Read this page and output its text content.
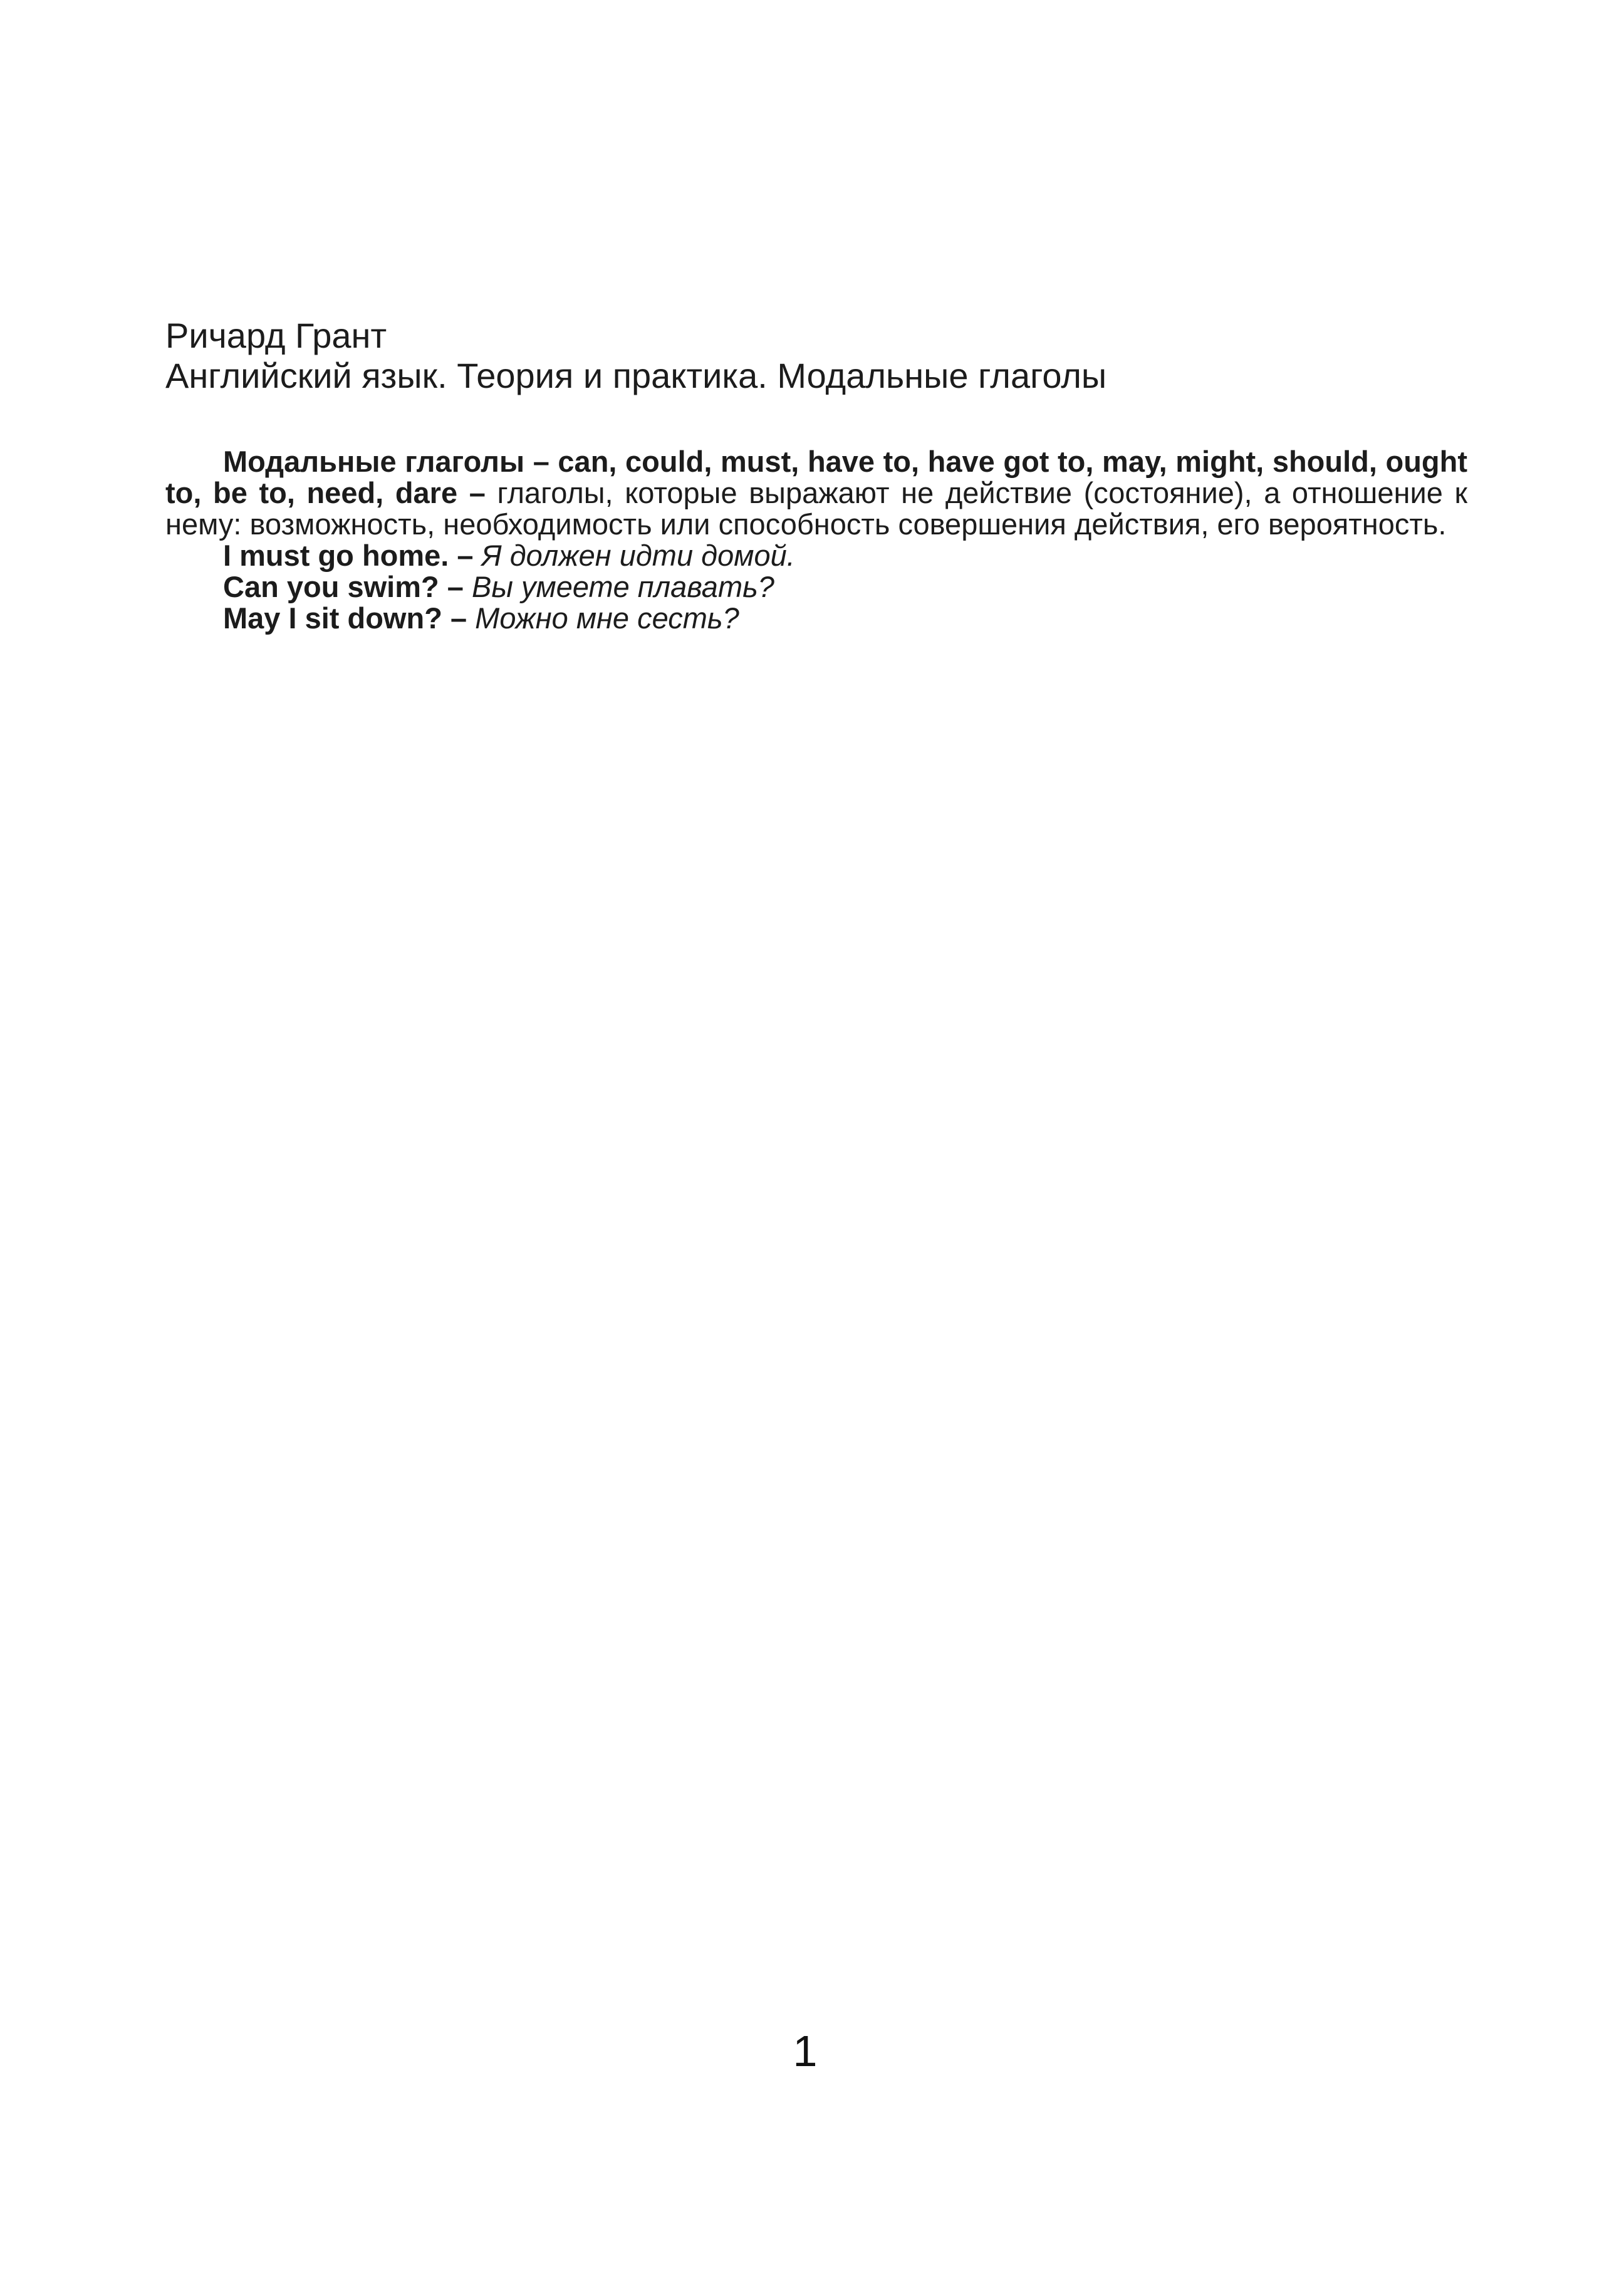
Ричард Грант
Английский язык. Теория и практика. Модальные глаголы

Модальные глаголы – can, could, must, have to, have got to, may, might, should, ought to, be to, need, dare – глаголы, которые выражают не действие (состояние), а отношение к нему: возможность, необходимость или способность совершения действия, его вероятность.

I must go home. – Я должен идти домой.

Can you swim? – Вы умеете плавать?

May I sit down? – Можно мне сесть?

1
